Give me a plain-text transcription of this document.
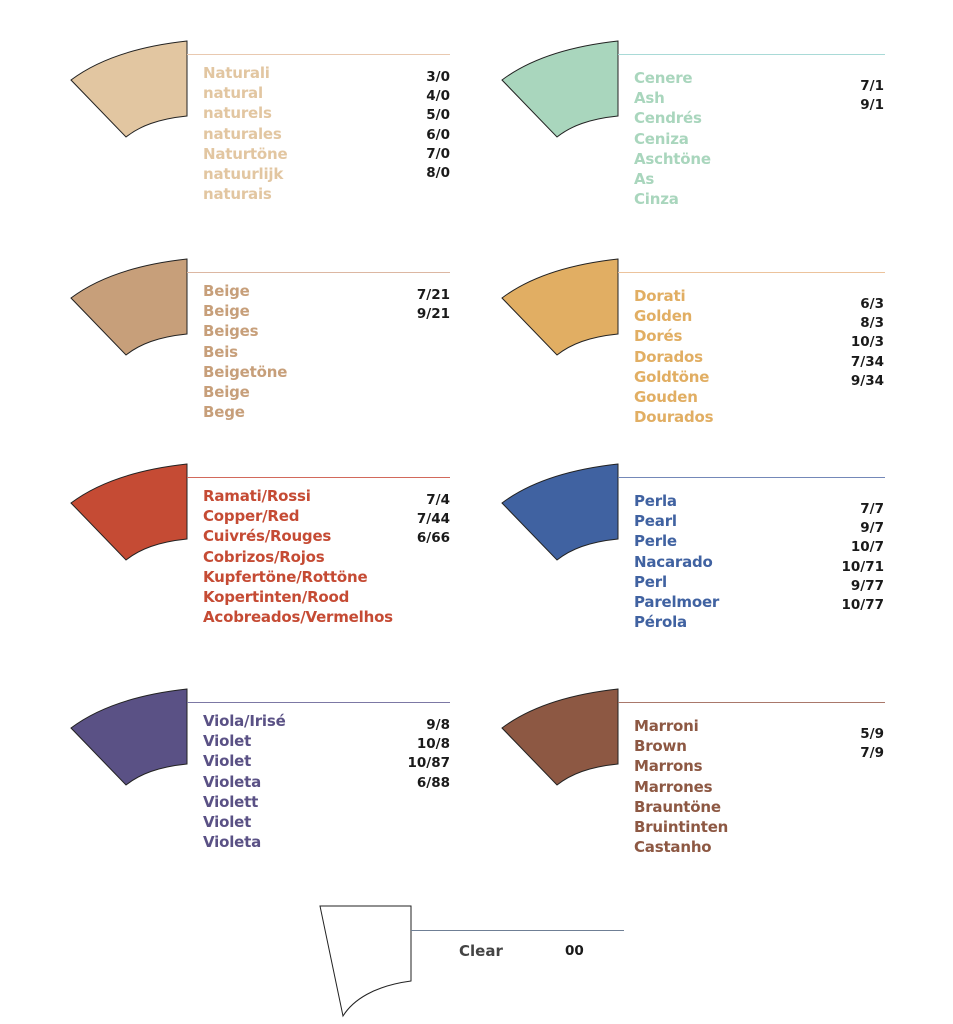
Naturali
natural
naturels
naturales
Naturtöne
natuurlijk
naturais
3/0
4/0
5/0
6/0
7/0
8/0
Cenere
Ash
Cendrés
Ceniza
Aschtöne
As
Cinza
7/1
9/1
Beige
Beige
Beiges
Beis
Beigetöne
Beige
Bege
7/21
9/21
Dorati
Golden
Dorés
Dorados
Goldtöne
Gouden
Dourados
6/3
8/3
10/3
7/34
9/34
Ramati/Rossi
Copper/Red
Cuivrés/Rouges
Cobrizos/Rojos
Kupfertöne/Rottöne
Kopertinten/Rood
Acobreados/Vermelhos
7/4
7/44
6/66
Perla
Pearl
Perle
Nacarado
Perl
Parelmoer
Pérola
7/7
9/7
10/7
10/71
9/77
10/77
Viola/Irisé
Violet
Violet
Violeta
Violett
Violet
Violeta
9/8
10/8
10/87
6/88
Marroni
Brown
Marrons
Marrones
Brauntöne
Bruintinten
Castanho
5/9
7/9
Clear	00
